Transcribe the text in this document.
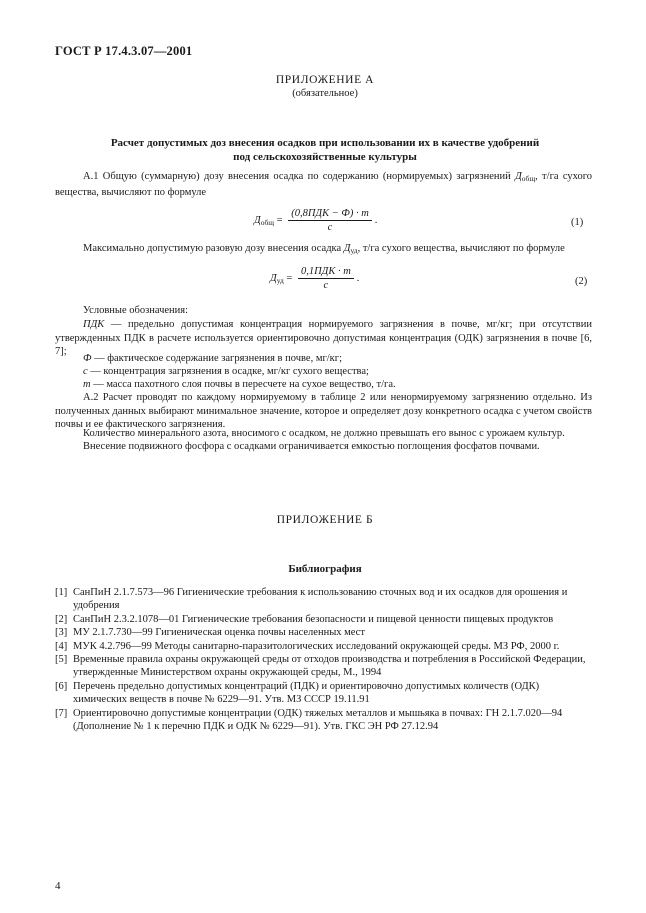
ГОСТ Р 17.4.3.07—2001
ПРИЛОЖЕНИЕ А
(обязательное)
Расчет допустимых доз внесения осадков при использовании их в качестве удобрений
под сельскохозяйственные культуры
А.1 Общую (суммарную) дозу внесения осадка по содержанию (нормируемых) загрязнений $Д_{общ}$, т/га сухого вещества, вычисляют по формуле
$Д_{общ} = \frac{\text{(0,8ПДК − Ф) · m}}{c}$ .	(1)
Максимально допустимую разовую дозу внесения осадка $Д_{уд}$, т/га сухого вещества, вычисляют по формуле
$Д_{уд} = \frac{\text{0,1ПДК · m}}{c}$ .	(2)
Условные обозначения:
ПДК — предельно допустимая концентрация нормируемого загрязнения в почве, мг/кг; при отсутствии утвержденных ПДК в расчете используется ориентировочно допустимая концентрация (ОДК) загрязнения в почве [6, 7];
Ф — фактическое содержание загрязнения в почве, мг/кг;
c — концентрация загрязнения в осадке, мг/кг сухого вещества;
m — масса пахотного слоя почвы в пересчете на сухое вещество, т/га.
А.2 Расчет проводят по каждому нормируемому в таблице 2 или ненормируемому загрязнению отдельно. Из полученных данных выбирают минимальное значение, которое и определяет дозу конкретного осадка с учетом свойств почвы и ее фактического загрязнения.
Количество минерального азота, вносимого с осадком, не должно превышать его вынос с урожаем культур.
Внесение подвижного фосфора с осадками ограничивается емкостью поглощения фосфатов почвами.
ПРИЛОЖЕНИЕ Б
Библиография
[1] СанПиН 2.1.7.573—96 Гигиенические требования к использованию сточных вод и их осадков для орошения и удобрения
[2] СанПиН 2.3.2.1078—01 Гигиенические требования безопасности и пищевой ценности пищевых продуктов
[3] МУ 2.1.7.730—99 Гигиеническая оценка почвы населенных мест
[4] МУК 4.2.796—99 Методы санитарно-паразитологических исследований окружающей среды. МЗ РФ, 2000 г.
[5] Временные правила охраны окружающей среды от отходов производства и потребления в Российской Федерации, утвержденные Министерством охраны окружающей среды, М., 1994
[6] Перечень предельно допустимых концентраций (ПДК) и ориентировочно допустимых количеств (ОДК) химических веществ в почве № 6229—91. Утв. МЗ СССР 19.11.91
[7] Ориентировочно допустимые концентрации (ОДК) тяжелых металлов и мышьяка в почвах: ГН 2.1.7.020—94 (Дополнение № 1 к перечню ПДК и ОДК № 6229—91). Утв. ГКС ЭН РФ 27.12.94
4
